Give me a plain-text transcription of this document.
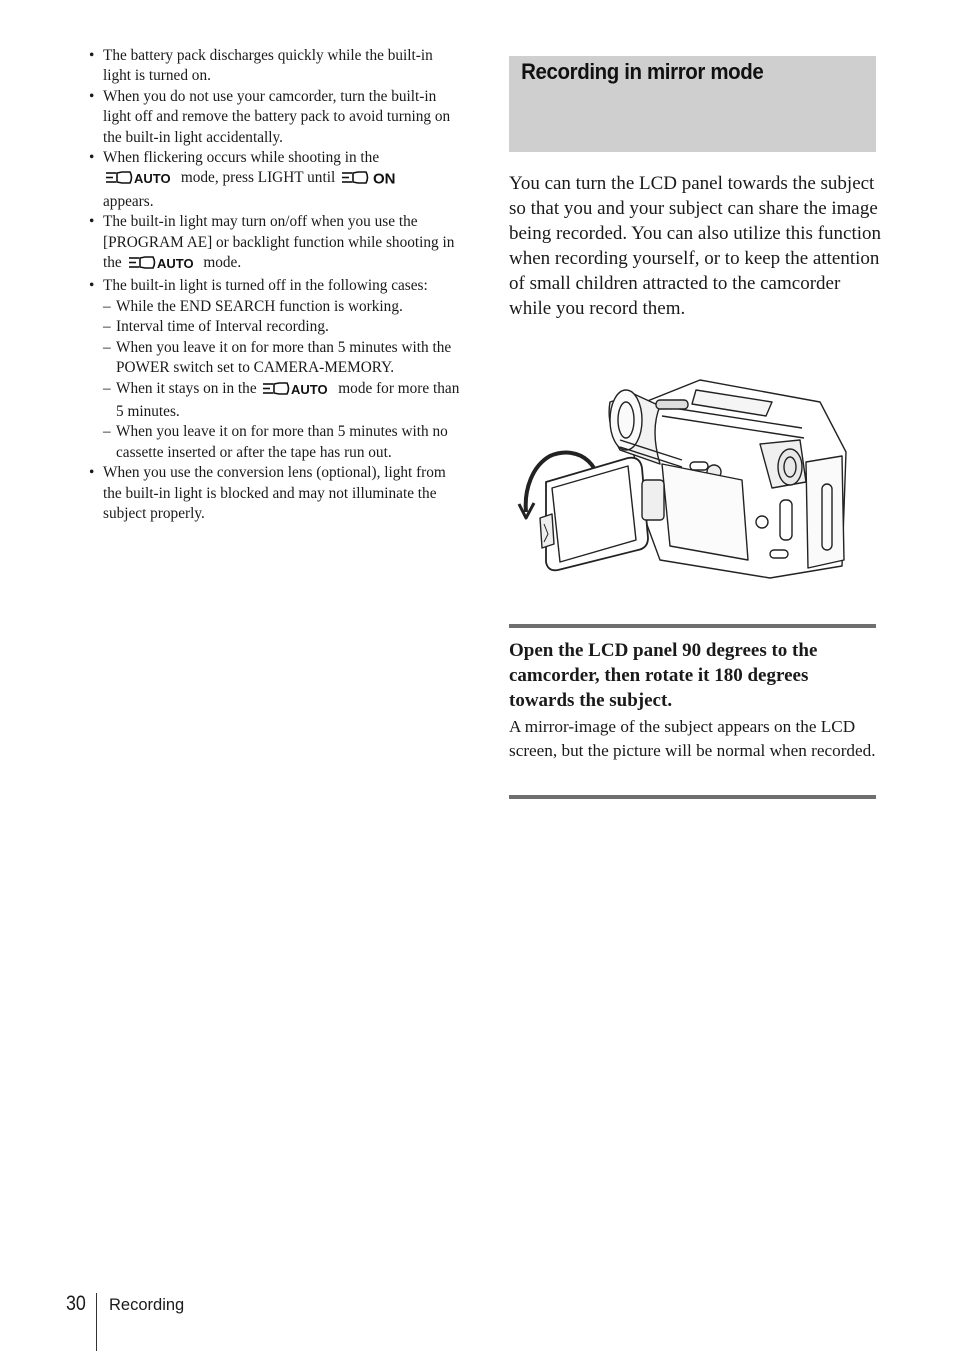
• The battery pack discharges quickly while the built-in light is turned on.
• When you do not use your camcorder, turn the built-in light off and remove the battery pack to avoid turning on the built-in light accidentally.
• When flickering occurs while shooting in the

AUTO mode, press LIGHT until	ON

appears.
• The built-in light may turn on/off when you use the [PROGRAM AE] or backlight function while shooting in the	AUTO mode.
• The built-in light is turned off in the following cases:
– While the END SEARCH function is working.
– Interval time of Interval recording.
– When you leave it on for more than 5 minutes with the POWER switch set to CAMERA-MEMORY.
– When it stays on in the	AUTO mode for more than 5 minutes.
– When you leave it on for more than 5 minutes with no cassette inserted or after the tape has run out.
• When you use the conversion lens (optional), light from the built-in light is blocked and may not illuminate the subject properly.
Recording in mirror mode

You can turn the LCD panel towards the subject so that you and your subject can share the image being recorded. You can also utilize this function when recording yourself, or to keep the attention of small children attracted to the camcorder while you record them.

Open the LCD panel 90 degrees to the camcorder, then rotate it 180 degrees towards the subject.

A mirror-image of the subject appears on the LCD screen, but the picture will be normal when recorded.

30 Recording
